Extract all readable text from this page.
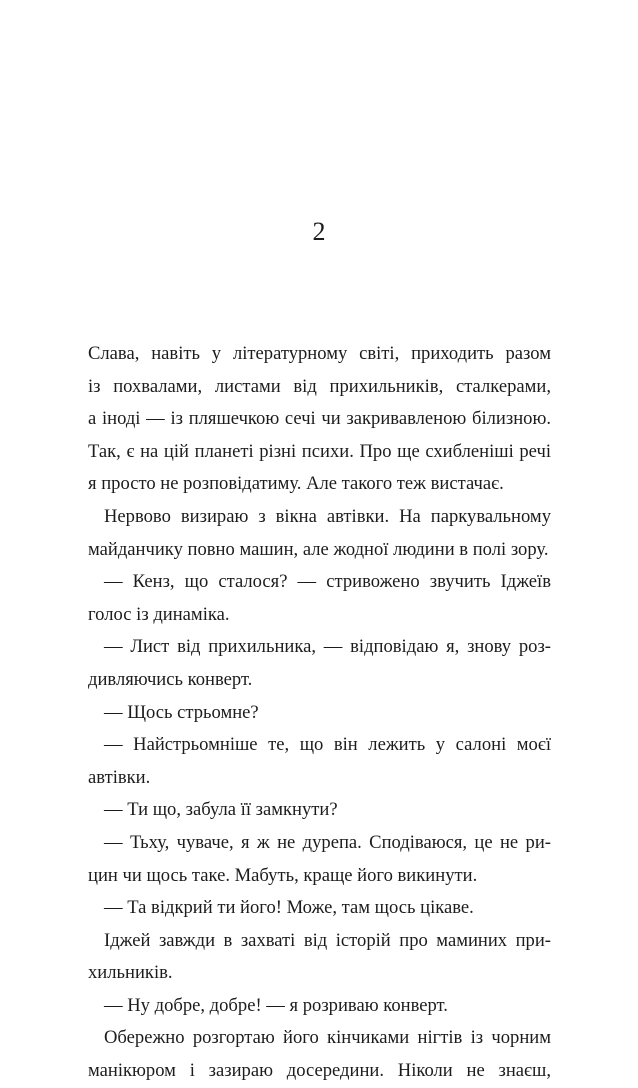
2
Слава, навіть у літературному світі, приходить разом
із похвалами, листами від прихильників, сталкерами,
а іноді — із пляшечкою сечі чи закривавленою білизною.
Так, є на цій планеті різні психи. Про ще схибленіші речі
я просто не розповідатиму. Але такого теж вистачає.
Нервово визираю з вікна автівки. На паркувальному
майданчику повно машин, але жодної людини в полі зору.
— Кенз, що сталося? — стривожено звучить Іджеїв
голос із динаміка.
— Лист від прихильника, — відповідаю я, знову роз-
дивляючись конверт.
— Щось стрьомне?
— Найстрьомніше те, що він лежить у салоні моєї
автівки.
— Ти що, забула її замкнути?
— Тьху, чуваче, я ж не дурепа. Сподіваюся, це не ри-
цин чи щось таке. Мабуть, краще його викинути.
— Та відкрий ти його! Може, там щось цікаве.
Іджей завжди в захваті від історій про маминих при-
хильників.
— Ну добре, добре! — я розриваю конверт.
Обережно розгортаю його кінчиками нігтів із чорним
манікюром і зазираю досередини. Ніколи не знаєш,
